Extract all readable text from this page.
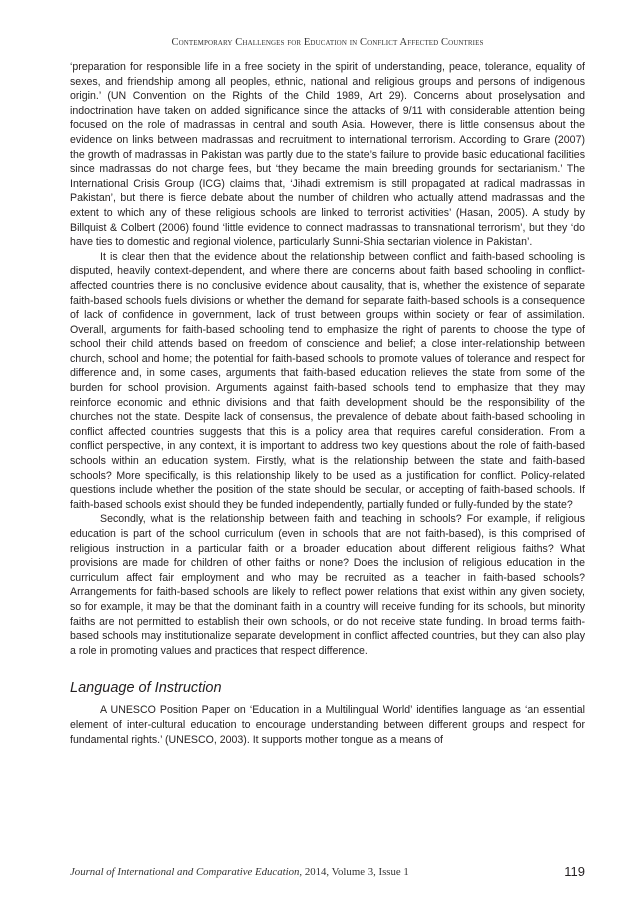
Contemporary Challenges for Education in Conflict Affected Countries

‘preparation for responsible life in a free society in the spirit of understanding, peace, tolerance, equality of sexes, and friendship among all peoples, ethnic, national and religious groups and persons of indigenous origin.’ (UN Convention on the Rights of the Child 1989, Art 29). Concerns about proselysation and indoctrination have taken on added significance since the attacks of 9/11 with considerable attention being focused on the role of madrassas in central and south Asia. However, there is little consensus about the evidence on links between madrassas and recruitment to international terrorism. According to Grare (2007) the growth of madrassas in Pakistan was partly due to the state’s failure to provide basic educational facilities since madrassas do not charge fees, but ‘they became the main breeding grounds for sectarianism.’ The International Crisis Group (ICG) claims that, ‘Jihadi extremism is still propagated at radical madrassas in Pakistan’, but there is fierce debate about the number of children who actually attend madrassas and the extent to which any of these religious schools are linked to terrorist activities’ (Hasan, 2005). A study by Billquist & Colbert (2006) found ‘little evidence to connect madrassas to transnational terrorism’, but they ‘do have ties to domestic and regional violence, particularly Sunni-Shia sectarian violence in Pakistan’.

It is clear then that the evidence about the relationship between conflict and faith-based schooling is disputed, heavily context-dependent, and where there are concerns about faith based schooling in conflict-affected countries there is no conclusive evidence about causality, that is, whether the existence of separate faith-based schools fuels divisions or whether the demand for separate faith-based schools is a consequence of lack of confidence in government, lack of trust between groups within society or fear of assimilation. Overall, arguments for faith-based schooling tend to emphasize the right of parents to choose the type of school their child attends based on freedom of conscience and belief; a close inter-relationship between church, school and home; the potential for faith-based schools to promote values of tolerance and respect for difference and, in some cases, arguments that faith-based education relieves the state from some of the burden for school provision. Arguments against faith-based schools tend to emphasize that they may reinforce economic and ethnic divisions and that faith development should be the responsibility of the churches not the state. Despite lack of consensus, the prevalence of debate about faith-based schooling in conflict affected countries suggests that this is a policy area that requires careful consideration. From a conflict perspective, in any context, it is important to address two key questions about the role of faith-based schools within an education system. Firstly, what is the relationship between the state and faith-based schools? More specifically, is this relationship likely to be used as a justification for conflict. Policy-related questions include whether the position of the state should be secular, or accepting of faith-based schools. If faith-based schools exist should they be funded independently, partially funded or fully-funded by the state?

Secondly, what is the relationship between faith and teaching in schools? For example, if religious education is part of the school curriculum (even in schools that are not faith-based), is this comprised of religious instruction in a particular faith or a broader education about different religious faiths? What provisions are made for children of other faiths or none? Does the inclusion of religious education in the curriculum affect fair employment and who may be recruited as a teacher in faith-based schools? Arrangements for faith-based schools are likely to reflect power relations that exist within any given society, so for example, it may be that the dominant faith in a country will receive funding for its schools, but minority faiths are not permitted to establish their own schools, or do not receive state funding. In broad terms faith-based schools may institutionalize separate development in conflict affected countries, but they can also play a role in promoting values and practices that respect difference.

Language of Instruction

A UNESCO Position Paper on ‘Education in a Multilingual World’ identifies language as ‘an essential element of inter-cultural education to encourage understanding between different groups and respect for fundamental rights.’ (UNESCO, 2003). It supports mother tongue as a means of

Journal of International and Comparative Education, 2014, Volume 3, Issue 1	119
